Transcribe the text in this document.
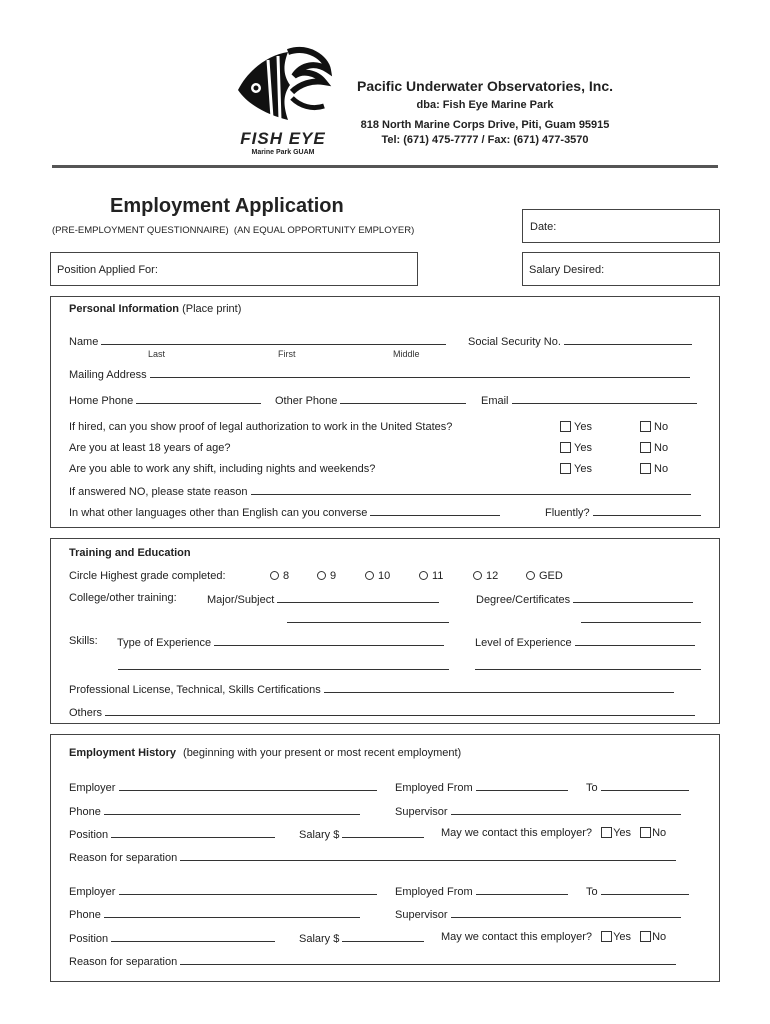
FISH EYE
Marine Park GUAM
Pacific Underwater Observatories, Inc.
dba: Fish Eye Marine Park
818 North Marine Corps Drive, Piti, Guam 95915
Tel: (671) 475-7777 / Fax: (671) 477-3570
Employment Application
(PRE-EMPLOYMENT QUESTIONNAIRE)  (AN EQUAL OPPORTUNITY EMPLOYER)	Date:
Position Applied For:	Salary Desired:
Personal Information (Place print)
Name
Last	First	Middle
Social Security No.
Mailing Address
Home Phone	Other Phone	Email
If hired, can you show proof of legal authorization to work in the United States?	Yes	No
Are you at least 18 years of age?	Yes	No
Are you able to work any shift, including nights and weekends?	Yes	No
If answered NO, please state reason
In what other languages other than English can you converse	Fluently?
Training and Education
Circle Highest grade completed:	8	9	10	11	12	GED
College/other training:	Major/Subject	Degree/Certificates
Skills: Type of Experience	Level of Experience
Professional License, Technical, Skills Certifications
Others
Employment History (beginning with your present or most recent employment)
Employer	Employed From	To
Phone	Supervisor
Position	Salary $	May we contact this employer? Yes No
Reason for separation
Employer	Employed From	To
Phone	Supervisor
Position	Salary $	May we contact this employer? Yes No
Reason for separation
